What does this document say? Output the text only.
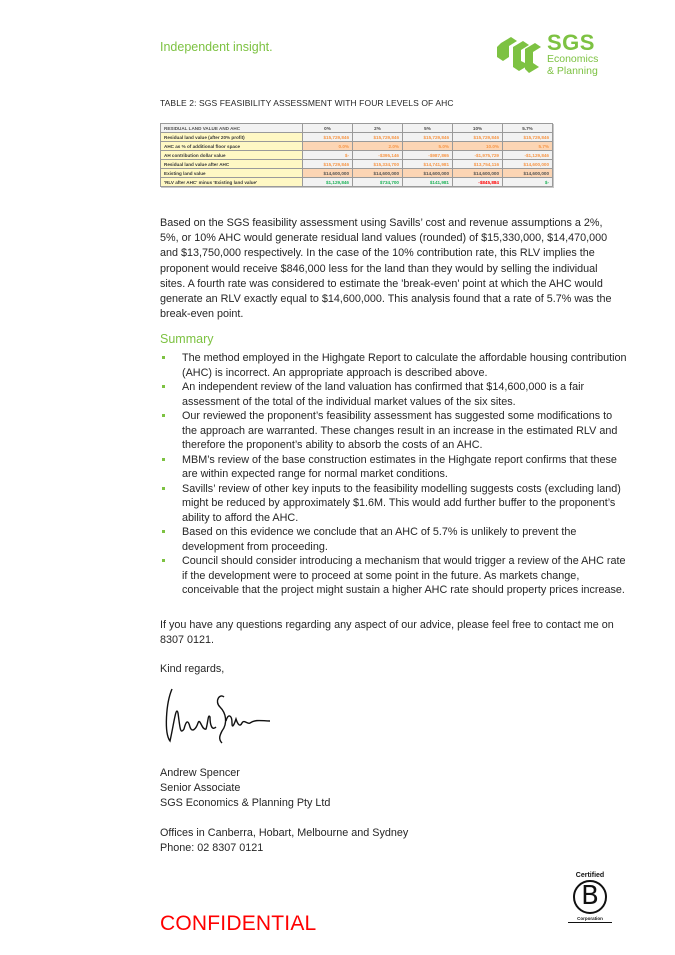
Independent insight.	SGS
Economics
& Planning
TABLE 2: SGS FEASIBILITY ASSESSMENT WITH FOUR LEVELS OF AHC
RESIDUAL LAND VALUE AND AHC	0%	2%	5%	10%	5.7%
Residual land value (after 20% profit)	$15,729,846	$15,729,846	$15,729,846	$15,729,846	$15,729,846
AHC as % of additional floor space	0.0%	2.0%	5.0%	10.0%	5.7%
AH contribution dollar value	$-	-$395,146	-$987,865	-$1,975,729	-$1,129,846
Residual land value after AHC	$15,729,846	$15,334,700	$14,741,981	$13,754,116	$14,600,000
Existing land value	$14,600,000	$14,600,000	$14,600,000	$14,600,000	$14,600,000
'RLV after AHC' minus 'Existing land value'	$1,129,846	$734,700	$141,981	-$845,884	$-
Based on the SGS feasibility assessment using Savills’ cost and revenue assumptions a 2%, 5%, or 10% AHC would generate residual land values (rounded) of $15,330,000, $14,470,000 and $13,750,000 respectively. In the case of the 10% contribution rate, this RLV implies the proponent would receive $846,000 less for the land than they would by selling the individual sites. A fourth rate was considered to estimate the 'break-even' point at which the AHC would generate an RLV exactly equal to $14,600,000. This analysis found that a rate of 5.7% was the break-even point.
Summary
The method employed in the Highgate Report to calculate the affordable housing contribution (AHC) is incorrect. An appropriate approach is described above.
An independent review of the land valuation has confirmed that $14,600,000 is a fair assessment of the total of the individual market values of the six sites.
Our reviewed the proponent’s feasibility assessment has suggested some modifications to the approach are warranted. These changes result in an increase in the estimated RLV and therefore the proponent’s ability to absorb the costs of an AHC.
MBM’s review of the base construction estimates in the Highgate report confirms that these are within expected range for normal market conditions.
Savills’ review of other key inputs to the feasibility modelling suggests costs (excluding land) might be reduced by approximately $1.6M. This would add further buffer to the proponent’s ability to afford the AHC.
Based on this evidence we conclude that an AHC of 5.7% is unlikely to prevent the development from proceeding.
Council should consider introducing a mechanism that would trigger a review of the AHC rate if the development were to proceed at some point in the future. As markets change, conceivable that the project might sustain a higher AHC rate should property prices increase.
If you have any questions regarding any aspect of our advice, please feel free to contact me on 8307 0121.
Kind regards,
Andrew Spencer
Senior Associate
SGS Economics & Planning Pty Ltd
Offices in Canberra, Hobart, Melbourne and Sydney
Phone: 02 8307 0121
CONFIDENTIAL
Certified
B
Corporation
